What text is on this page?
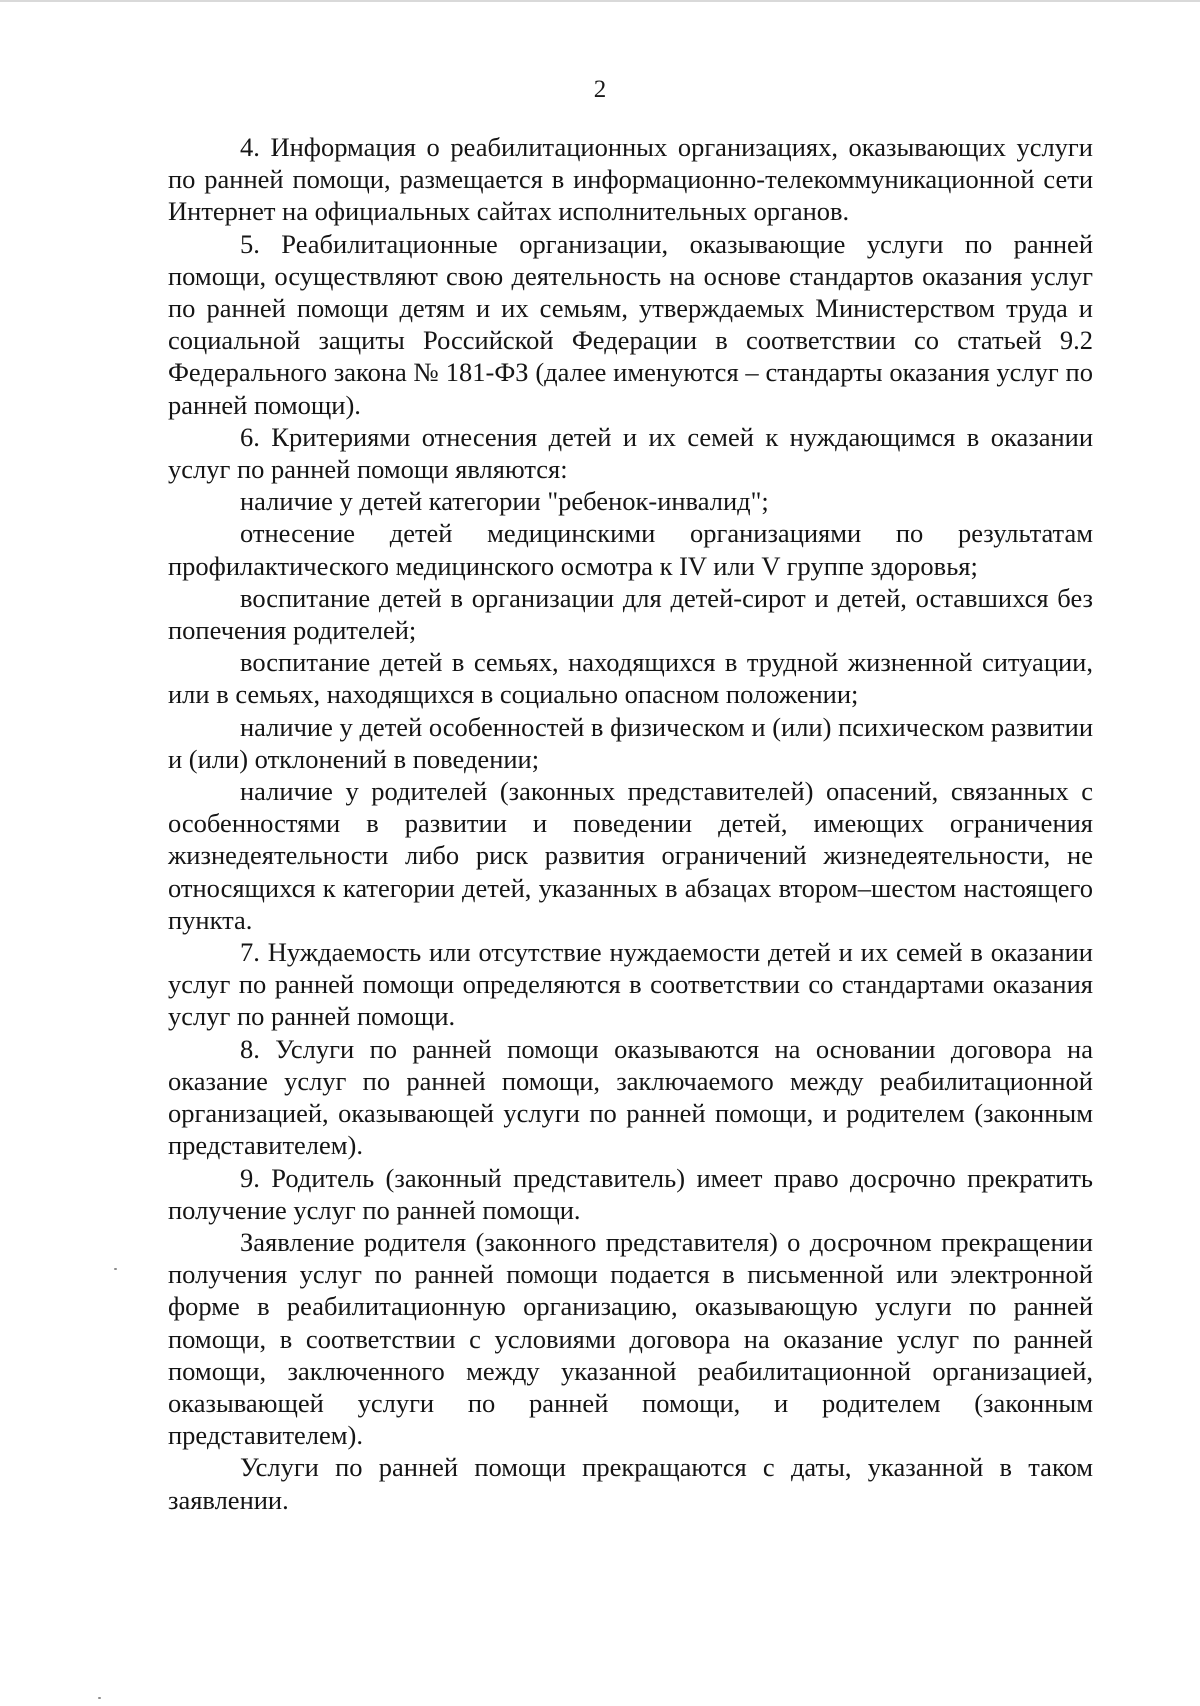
2

4. Информация о реабилитационных организациях, оказывающих услуги по ранней помощи, размещается в информационно-телекоммуникационной сети Интернет на официальных сайтах исполнительных органов.

5. Реабилитационные организации, оказывающие услуги по ранней помощи, осуществляют свою деятельность на основе стандартов оказания услуг по ранней помощи детям и их семьям, утверждаемых Министерством труда и социальной защиты Российской Федерации в соответствии со статьей 9.2 Федерального закона № 181-ФЗ (далее именуются – стандарты оказания услуг по ранней помощи).

6. Критериями отнесения детей и их семей к нуждающимся в оказании услуг по ранней помощи являются:

наличие у детей категории "ребенок-инвалид";

отнесение детей медицинскими организациями по результатам профилактического медицинского осмотра к IV или V группе здоровья;

воспитание детей в организации для детей-сирот и детей, оставшихся без попечения родителей;

воспитание детей в семьях, находящихся в трудной жизненной ситуации, или в семьях, находящихся в социально опасном положении;

наличие у детей особенностей в физическом и (или) психическом развитии и (или) отклонений в поведении;

наличие у родителей (законных представителей) опасений, связанных с особенностями в развитии и поведении детей, имеющих ограничения жизнедеятельности либо риск развития ограничений жизнедеятельности, не относящихся к категории детей, указанных в абзацах втором–шестом настоящего пункта.

7. Нуждаемость или отсутствие нуждаемости детей и их семей в оказании услуг по ранней помощи определяются в соответствии со стандартами оказания услуг по ранней помощи.

8. Услуги по ранней помощи оказываются на основании договора на оказание услуг по ранней помощи, заключаемого между реабилитационной организацией, оказывающей услуги по ранней помощи, и родителем (законным представителем).

9. Родитель (законный представитель) имеет право досрочно прекратить получение услуг по ранней помощи.

Заявление родителя (законного представителя) о досрочном прекращении получения услуг по ранней помощи подается в письменной или электронной форме в реабилитационную организацию, оказывающую услуги по ранней помощи, в соответствии с условиями договора на оказание услуг по ранней помощи, заключенного между указанной реабилитационной организацией, оказывающей услуги по ранней помощи, и родителем (законным представителем).

Услуги по ранней помощи прекращаются с даты, указанной в таком заявлении.
